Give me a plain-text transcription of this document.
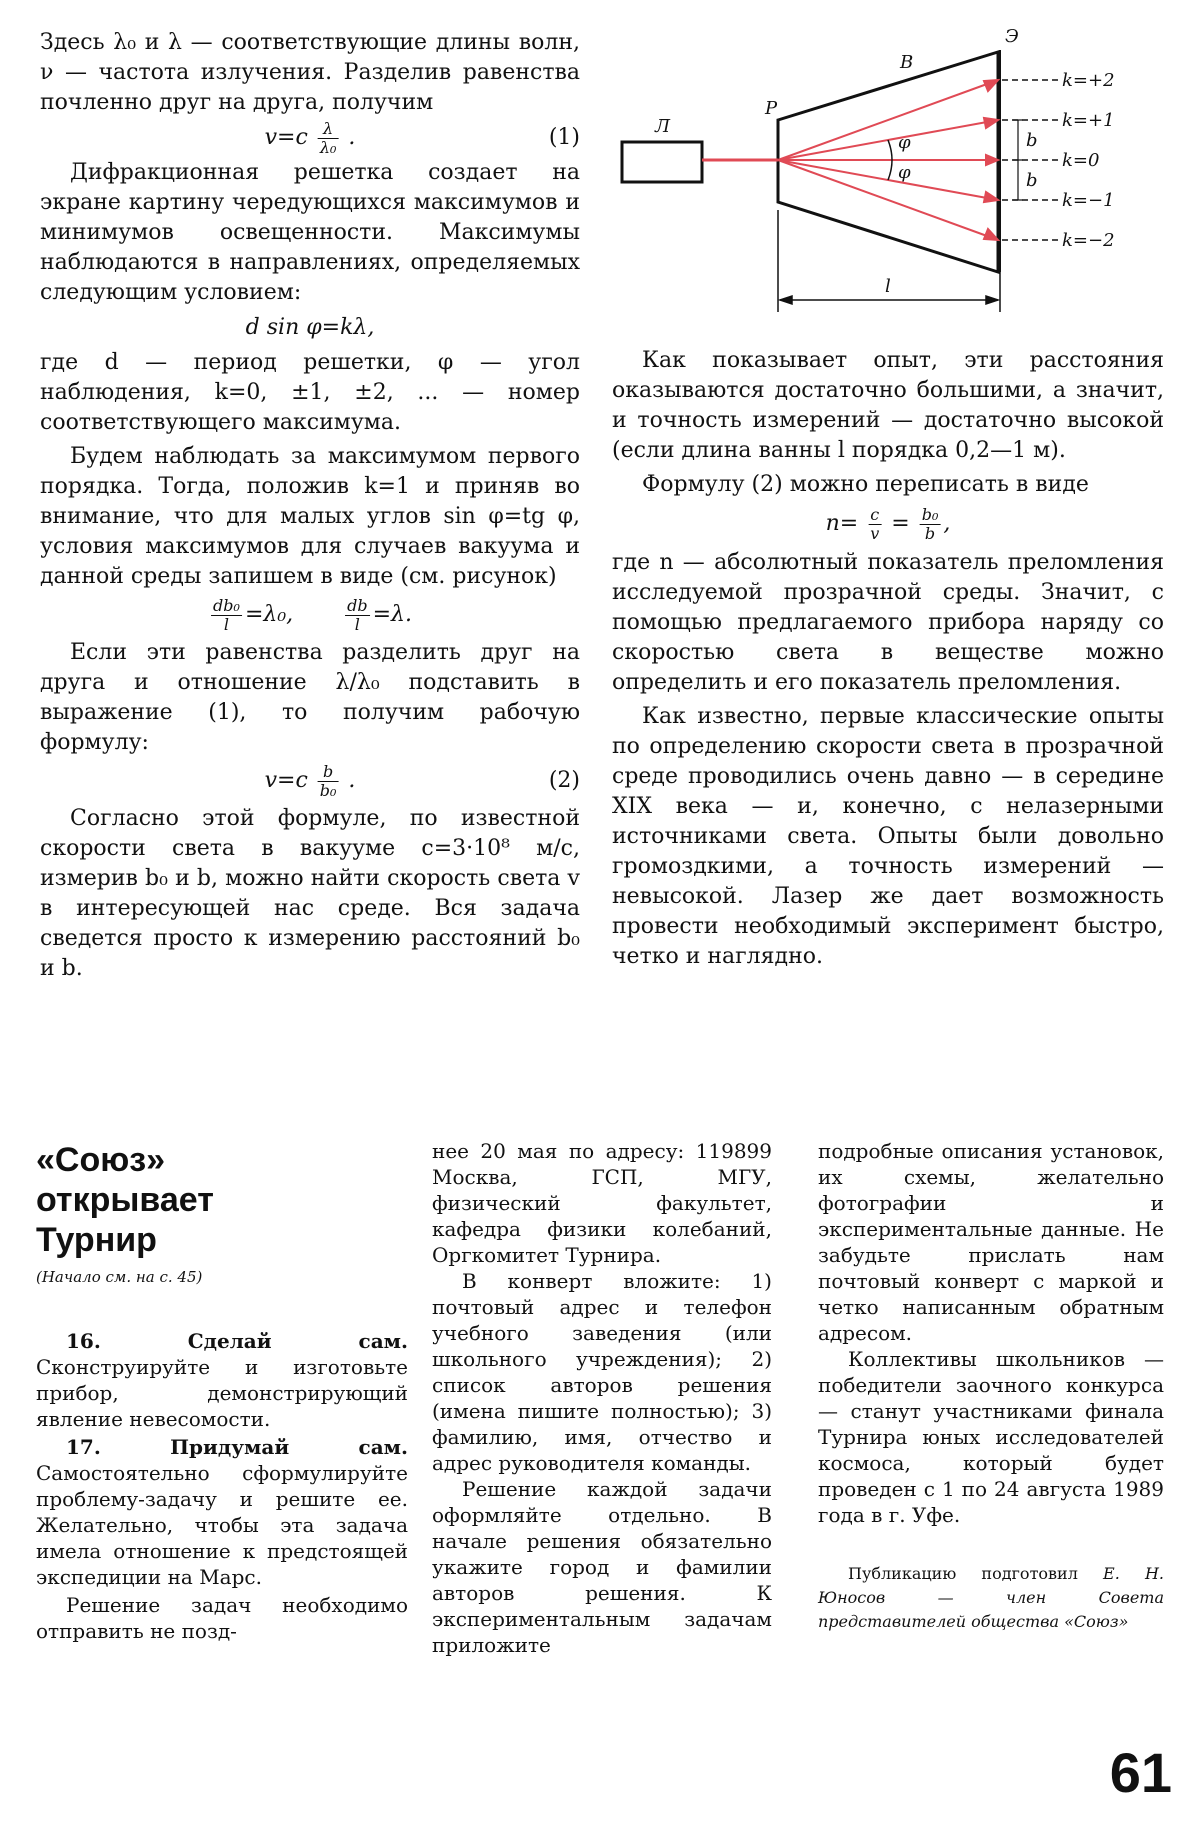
Здесь λ₀ и λ — соответствующие длины волн, ν — частота излучения. Разделив равенства почленно друг на друга, получим

$v=c \frac{\lambda}{\text{λ₀}}$ .	(1)

Дифракционная решетка создает на экране картину чередующихся максимумов и минимумов освещенности. Максимумы наблюдаются в направлениях, определяемых следующим условием:

d sin φ=kλ,

где d — период решетки, φ — угол наблюдения, k=0, ±1, ±2, ... — номер соответствующего максимума.

Будем наблюдать за максимумом первого порядка. Тогда, положив k=1 и приняв во внимание, что для малых углов sin φ=tg φ, условия максимумов для случаев вакуума и данной среды запишем в виде (см. рисунок)

$\frac{\text{db₀}}{l} =\lambda_0$,	$\frac{db}{l} =\lambda$.

Если эти равенства разделить друг на друга и отношение λ/λ₀ подставить в выражение (1), то получим рабочую формулу:

$v=c \frac{b}{\text{b₀}}$ .	(2)

Согласно этой формуле, по известной скорости света в вакууме c=3·10⁸ м/с, измерив b₀ и b, можно найти скорость света v в интересующей нас среде. Вся задача сведется просто к измерению расстояний b₀ и b.

Л
P
B
Э
φ
φ
k=+2
k=+1
k=0
k=−1
k=−2
b
b
l

Как показывает опыт, эти расстояния оказываются достаточно большими, а значит, и точность измерений — достаточно высокой (если длина ванны l порядка 0,2—1 м).

Формулу (2) можно переписать в виде

$n= \frac{c}{v} = \frac{\text{b₀}}{b}$ ,

где n — абсолютный показатель преломления исследуемой прозрачной среды. Значит, с помощью предлагаемого прибора наряду со скоростью света в веществе можно определить и его показатель преломления.

Как известно, первые классические опыты по определению скорости света в прозрачной среде проводились очень давно — в середине XIX века — и, конечно, с нелазерными источниками света. Опыты были довольно громоздкими, а точность измерений — невысокой. Лазер же дает возможность провести необходимый эксперимент быстро, четко и наглядно.

«Союз» открывает Турнир
(Начало см. на с. 45)

16. Сделай сам. Сконструируйте и изготовьте прибор, демонстрирующий явление невесомости.

17. Придумай сам. Самостоятельно сформулируйте проблему-задачу и решите ее. Желательно, чтобы эта задача имела отношение к предстоящей экспедиции на Марс.

Решение задач необходимо отправить не позд-

нее 20 мая по адресу: 119899 Москва, ГСП, МГУ, физический факультет, кафедра физики колебаний, Оргкомитет Турнира.

В конверт вложите: 1) почтовый адрес и телефон учебного заведения (или школьного учреждения); 2) список авторов решения (имена пишите полностью); 3) фамилию, имя, отчество и адрес руководителя команды.

Решение каждой задачи оформляйте отдельно. В начале решения обязательно укажите город и фамилии авторов решения. К экспериментальным задачам приложите

подробные описания установок, их схемы, желательно фотографии и экспериментальные данные. Не забудьте прислать нам почтовый конверт с маркой и четко написанным обратным адресом.

Коллективы школьников — победители заочного конкурса — станут участниками финала Турнира юных исследователей космоса, который будет проведен с 1 по 24 августа 1989 года в г. Уфе.

Публикацию подготовил Е. Н. Юносов — член Совета представителей общества «Союз»

61
